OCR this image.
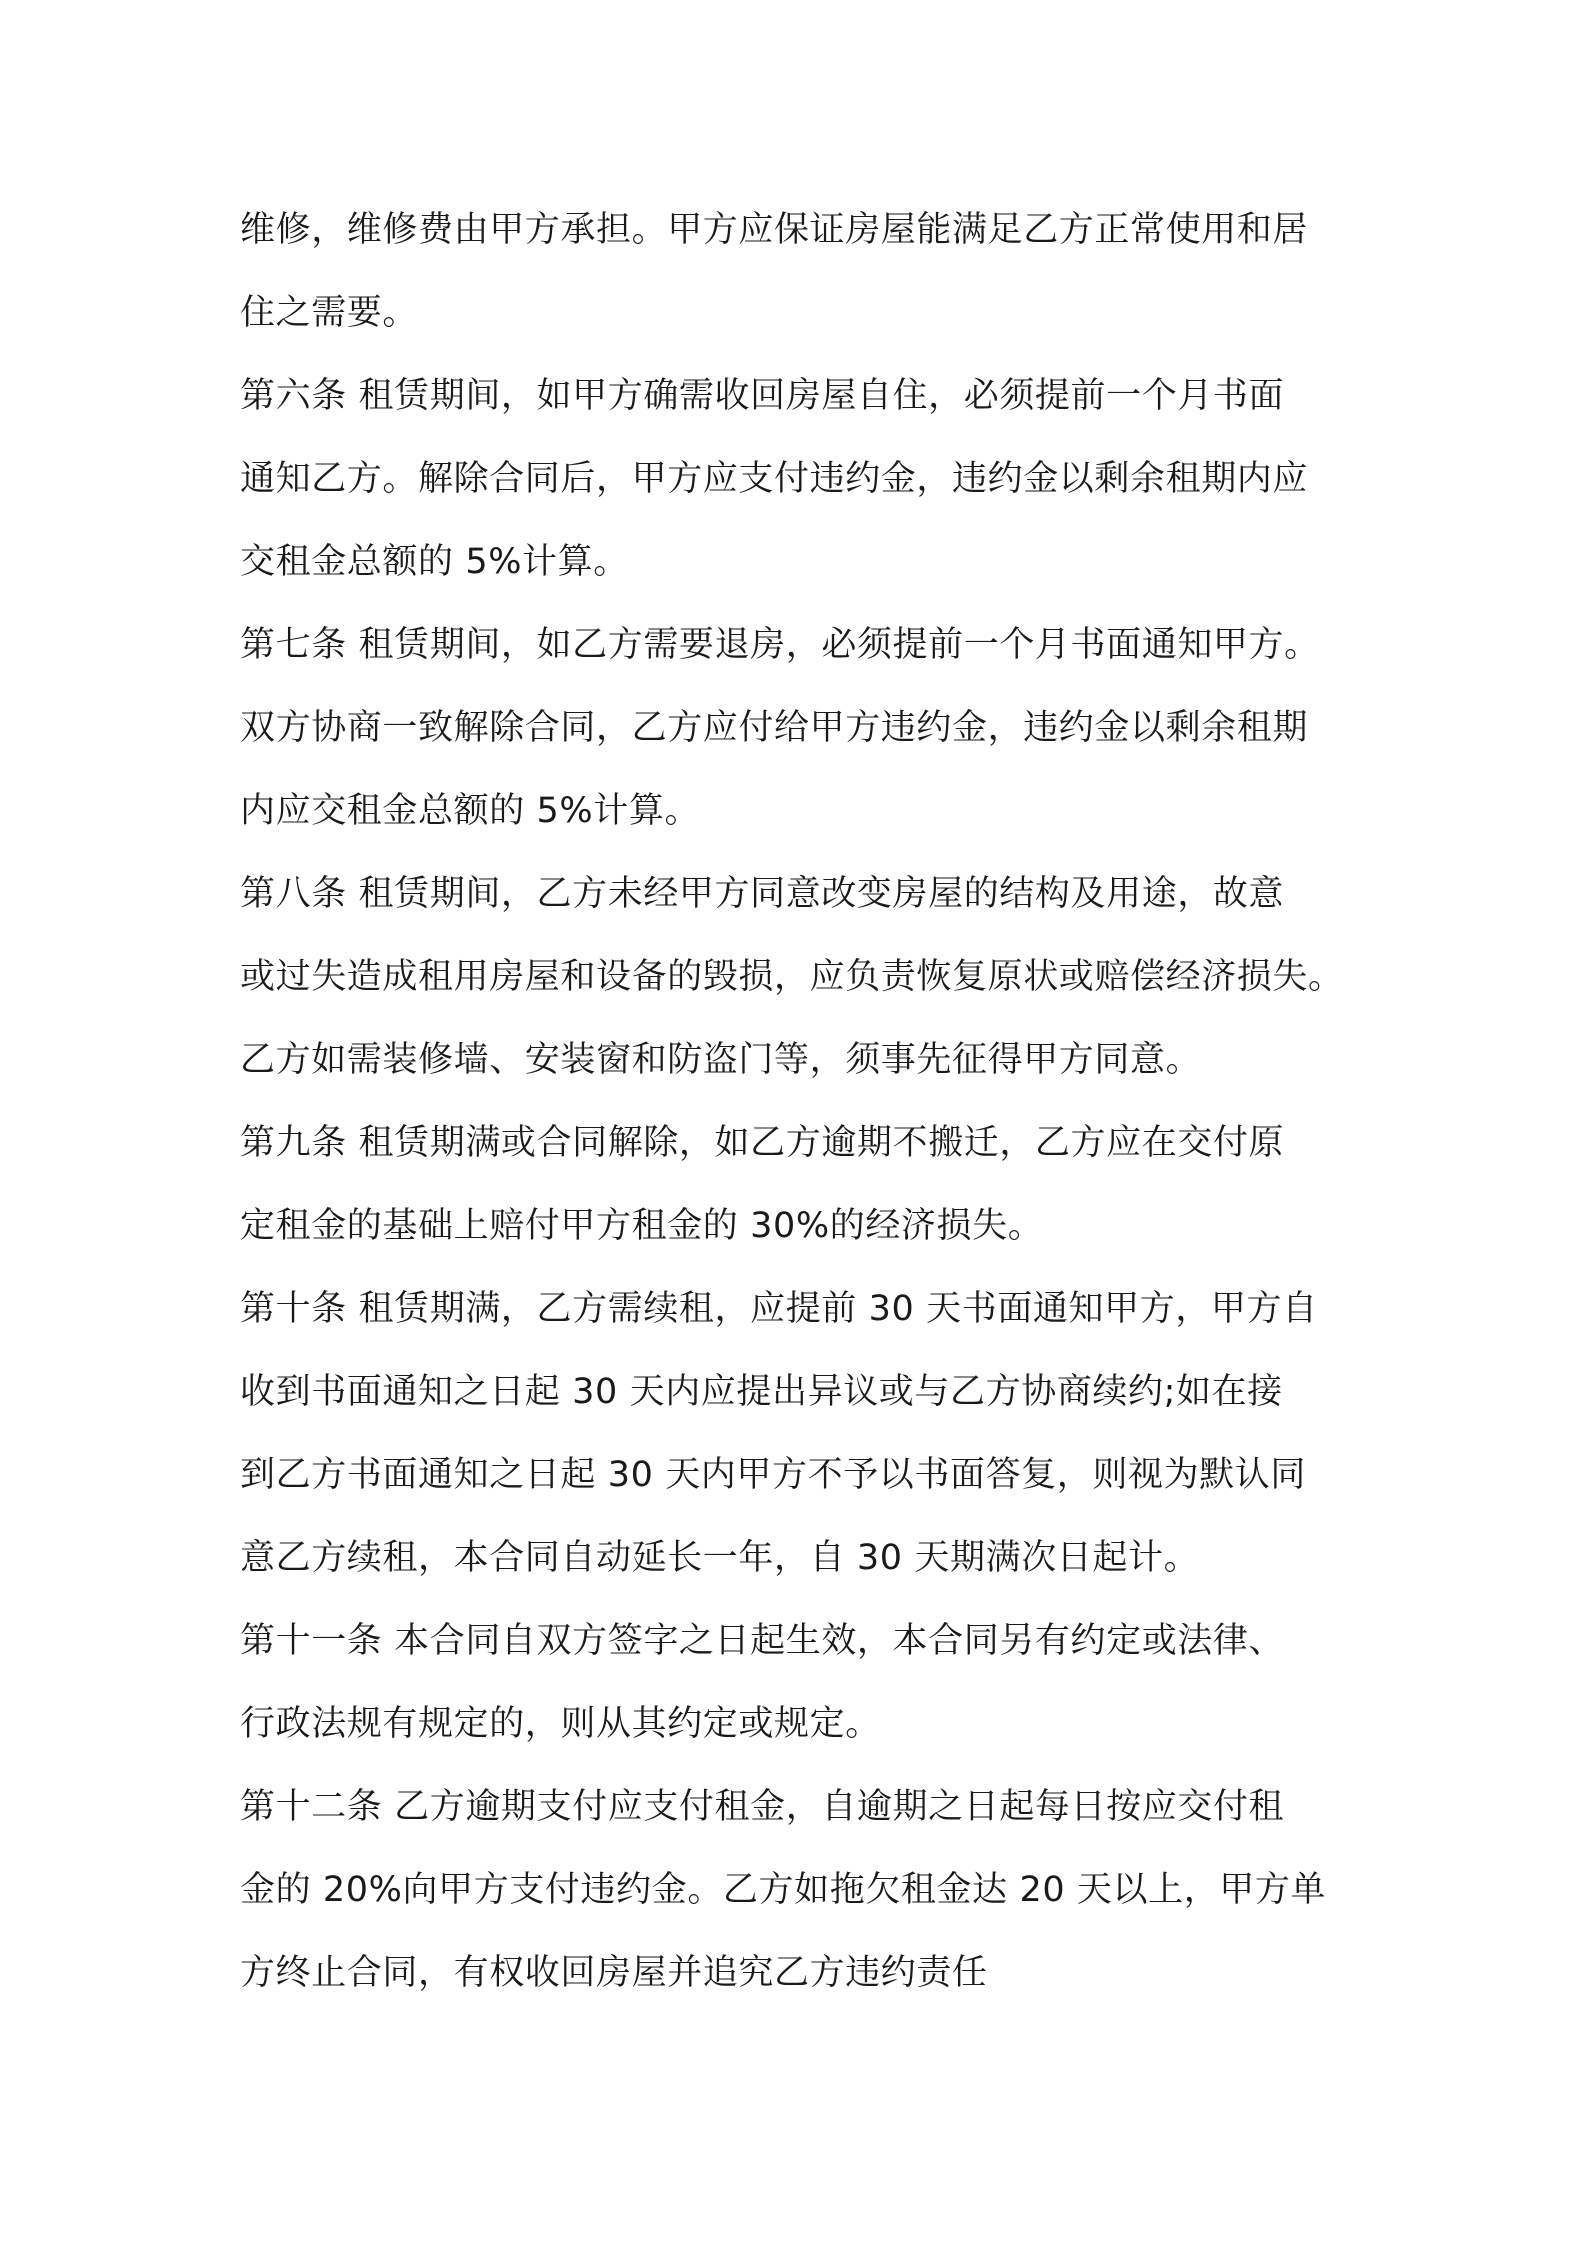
维修，维修费由甲方承担。甲方应保证房屋能满足乙方正常使用和居
住之需要。
第六条 租赁期间，如甲方确需收回房屋自住，必须提前一个月书面
通知乙方。解除合同后，甲方应支付违约金，违约金以剩余租期内应
交租金总额的 5%计算。
第七条 租赁期间，如乙方需要退房，必须提前一个月书面通知甲方。
双方协商一致解除合同，乙方应付给甲方违约金，违约金以剩余租期
内应交租金总额的 5%计算。
第八条 租赁期间，乙方未经甲方同意改变房屋的结构及用途，故意
或过失造成租用房屋和设备的毁损，应负责恢复原状或赔偿经济损失。
乙方如需装修墙、安装窗和防盗门等，须事先征得甲方同意。
第九条 租赁期满或合同解除，如乙方逾期不搬迁，乙方应在交付原
定租金的基础上赔付甲方租金的 30%的经济损失。
第十条 租赁期满，乙方需续租，应提前 30 天书面通知甲方，甲方自
收到书面通知之日起 30 天内应提出异议或与乙方协商续约;如在接
到乙方书面通知之日起 30 天内甲方不予以书面答复，则视为默认同
意乙方续租，本合同自动延长一年，自 30 天期满次日起计。
第十一条 本合同自双方签字之日起生效，本合同另有约定或法律、
行政法规有规定的，则从其约定或规定。
第十二条 乙方逾期支付应支付租金，自逾期之日起每日按应交付租
金的 20%向甲方支付违约金。乙方如拖欠租金达 20 天以上，甲方单
方终止合同，有权收回房屋并追究乙方违约责任
